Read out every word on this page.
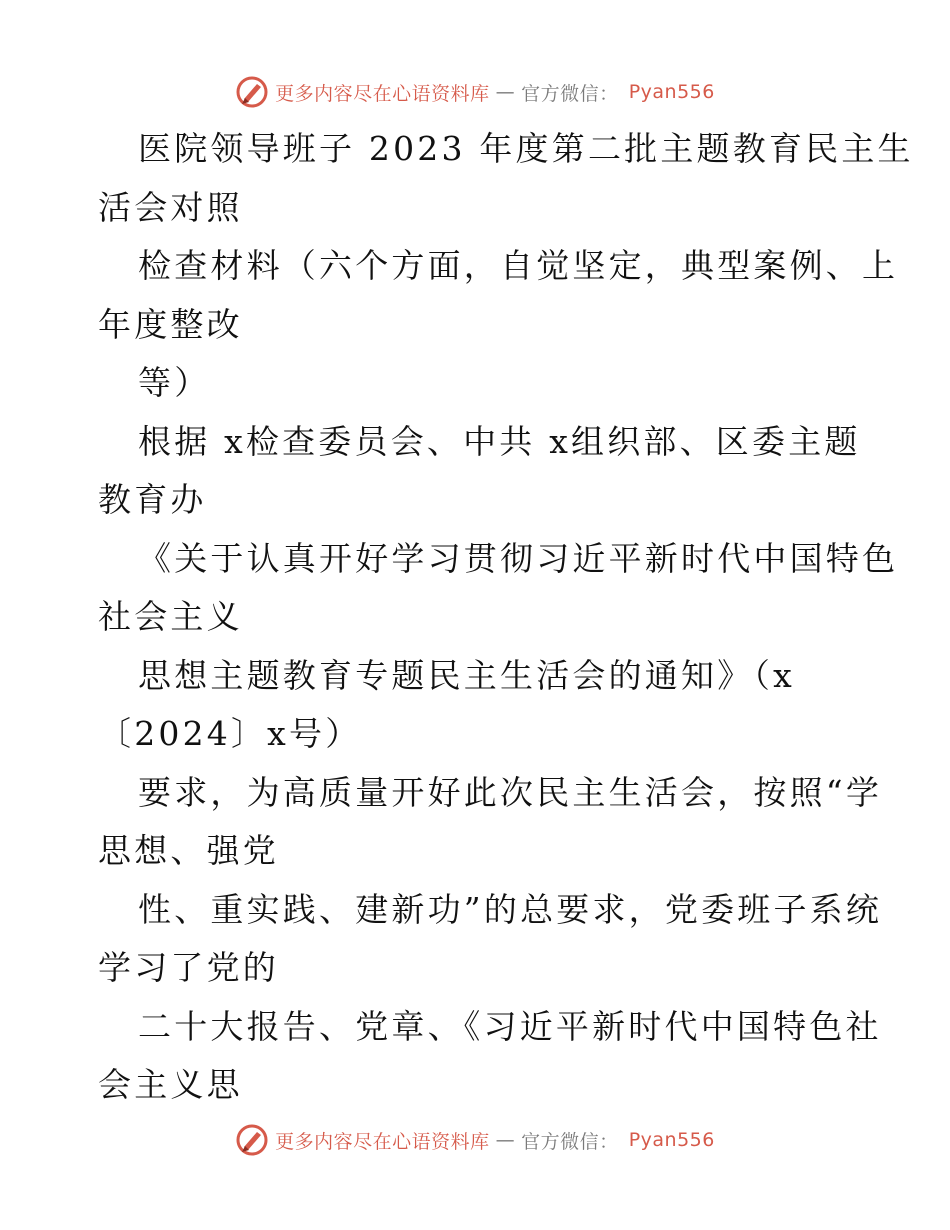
更多内容尽在心语资料库 — 官方微信： Pyan556
医院领导班子 2023 年度第二批主题教育民主生
活会对照
检查材料（六个方面，自觉坚定，典型案例、上
年度整改
等）
根据 x检查委员会、中共 x组织部、区委主题
教育办
《关于认真开好学习贯彻习近平新时代中国特色
社会主义
思想主题教育专题民主生活会的通知》（x
〔2024〕x号）
要求，为高质量开好此次民主生活会，按照“学
思想、强党
性、重实践、建新功”的总要求，党委班子系统
学习了党的
二十大报告、党章、《习近平新时代中国特色社
会主义思
更多内容尽在心语资料库 — 官方微信： Pyan556
